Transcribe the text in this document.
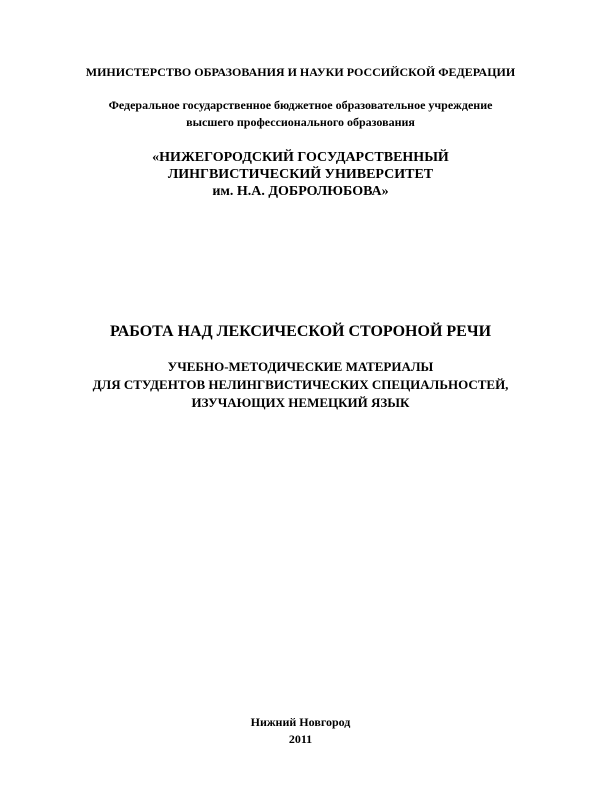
МИНИСТЕРСТВО ОБРАЗОВАНИЯ И НАУКИ РОССИЙСКОЙ ФЕДЕРАЦИИ
Федеральное государственное бюджетное образовательное учреждение
высшего профессионального образования
«НИЖЕГОРОДСКИЙ ГОСУДАРСТВЕННЫЙ
ЛИНГВИСТИЧЕСКИЙ УНИВЕРСИТЕТ
им. Н.А. ДОБРОЛЮБОВА»
РАБОТА НАД ЛЕКСИЧЕСКОЙ СТОРОНОЙ РЕЧИ
УЧЕБНО-МЕТОДИЧЕСКИЕ МАТЕРИАЛЫ
ДЛЯ СТУДЕНТОВ НЕЛИНГВИСТИЧЕСКИХ СПЕЦИАЛЬНОСТЕЙ,
ИЗУЧАЮЩИХ НЕМЕЦКИЙ ЯЗЫК
Нижний Новгород
2011
